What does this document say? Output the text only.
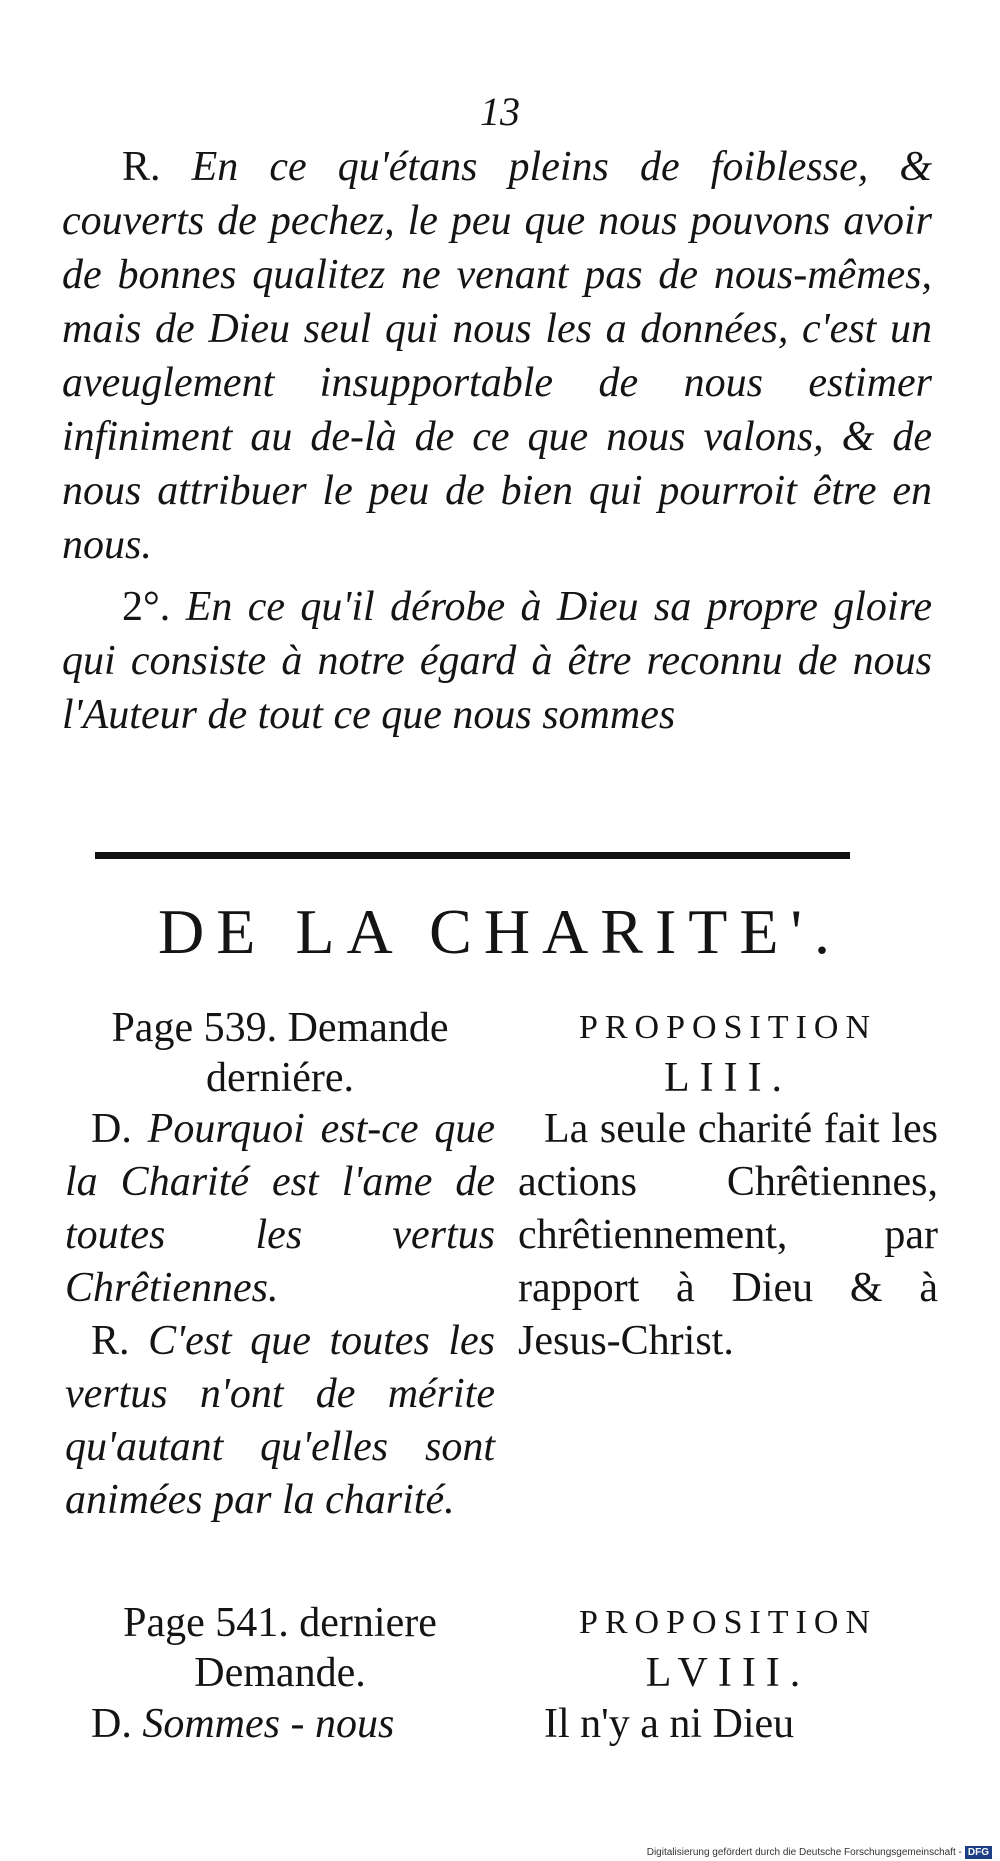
13

R. En ce qu'étans pleins de foiblesse, & couverts de pechez, le peu que nous pouvons avoir de bonnes qualitez ne venant pas de nous-mêmes, mais de Dieu seul qui nous les a données, c'est un aveuglement insupportable de nous estimer infiniment au de-là de ce que nous valons, & de nous attribuer le peu de bien qui pourroit être en nous.

2°. En ce qu'il dérobe à Dieu sa propre gloire qui consiste à notre égard à être reconnu de nous l'Auteur de tout ce que nous sommes

DE LA CHARITE'.

Page 539. Demande

derniére.

D. Pourquoi est-ce que la Charité est l'ame de toutes les vertus Chrêtiennes.

R. C'est que toutes les vertus n'ont de mérite qu'autant qu'elles sont animées par la charité.

PROPOSITION

LIII.

La seule charité fait les actions Chrêtiennes, chrêtiennement, par rapport à Dieu & à Jesus-Christ.

Page 541. derniere

Demande.

D. Sommes - nous

PROPOSITION

LVIII.

Il n'y a ni Dieu

Digitalisierung gefördert durch die Deutsche Forschungsgemeinschaft - DFG
